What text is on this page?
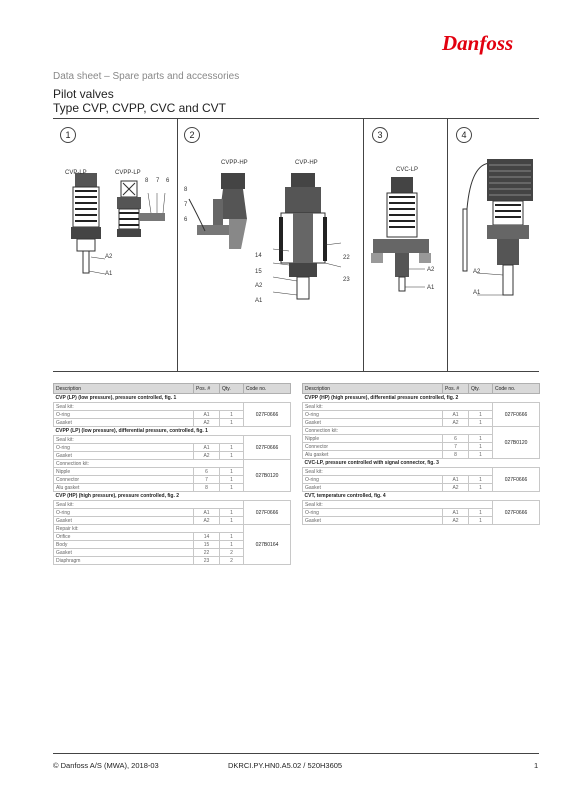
Danfoss
Data sheet – Spare parts and accessories
Pilot valves
Type CVP, CVPP, CVC and CVT
1	2	3	4
CVP-LP	CVPP-LP
8 7 6
A2
A1
CVPP-HP	CVP-HP
8
7
6
14
15
A2
A1
22
23
CVC-LP
A2
A1
A2
A1
Description	Pos. #	Qty.	Code no.
CVP (LP) (low pressure), pressure controlled, fig. 1			
Seal kit:			027F0666
O-ring	A1	1	
Gasket	A2	1	
CVPP (LP) (low pressure), differential pressure, controlled, fig. 1			
Seal kit:			027F0666
O-ring	A1	1	
Gasket	A2	1	
Connection kit:			027B0120
Nipple	6	1	
Connector	7	1	
Alu gasket	8	1	
CVP (HP) (high pressure), pressure controlled, fig. 2			
Seal kit:			027F0666
O-ring	A1	1	
Gasket	A2	1	
Repair kit:			027B0164
Orifice	14	1	
Body	15	1	
Gasket	22	2	
Diaphragm	23	2	
Description	Pos. #	Qty.	Code no.
CVPP (HP) (high pressure), differential pressure controlled, fig. 2			
Seal kit:			027F0666
O-ring	A1	1	
Gasket	A2	1	
Connection kit:			027B0120
Nipple	6	1	
Connector	7	1	
Alu gasket	8	1	
CVC-LP, pressure controlled with signal connector, fig. 3			
Seal kit:			027F0666
O-ring	A1	1	
Gasket	A2	1	
CVT, temperature controlled, fig. 4			
Seal kit:			027F0666
O-ring	A1	1	
Gasket	A2	1	
© Danfoss A/S (MWA), 2018-03	DKRCI.PY.HN0.A5.02 / 520H3605	1
